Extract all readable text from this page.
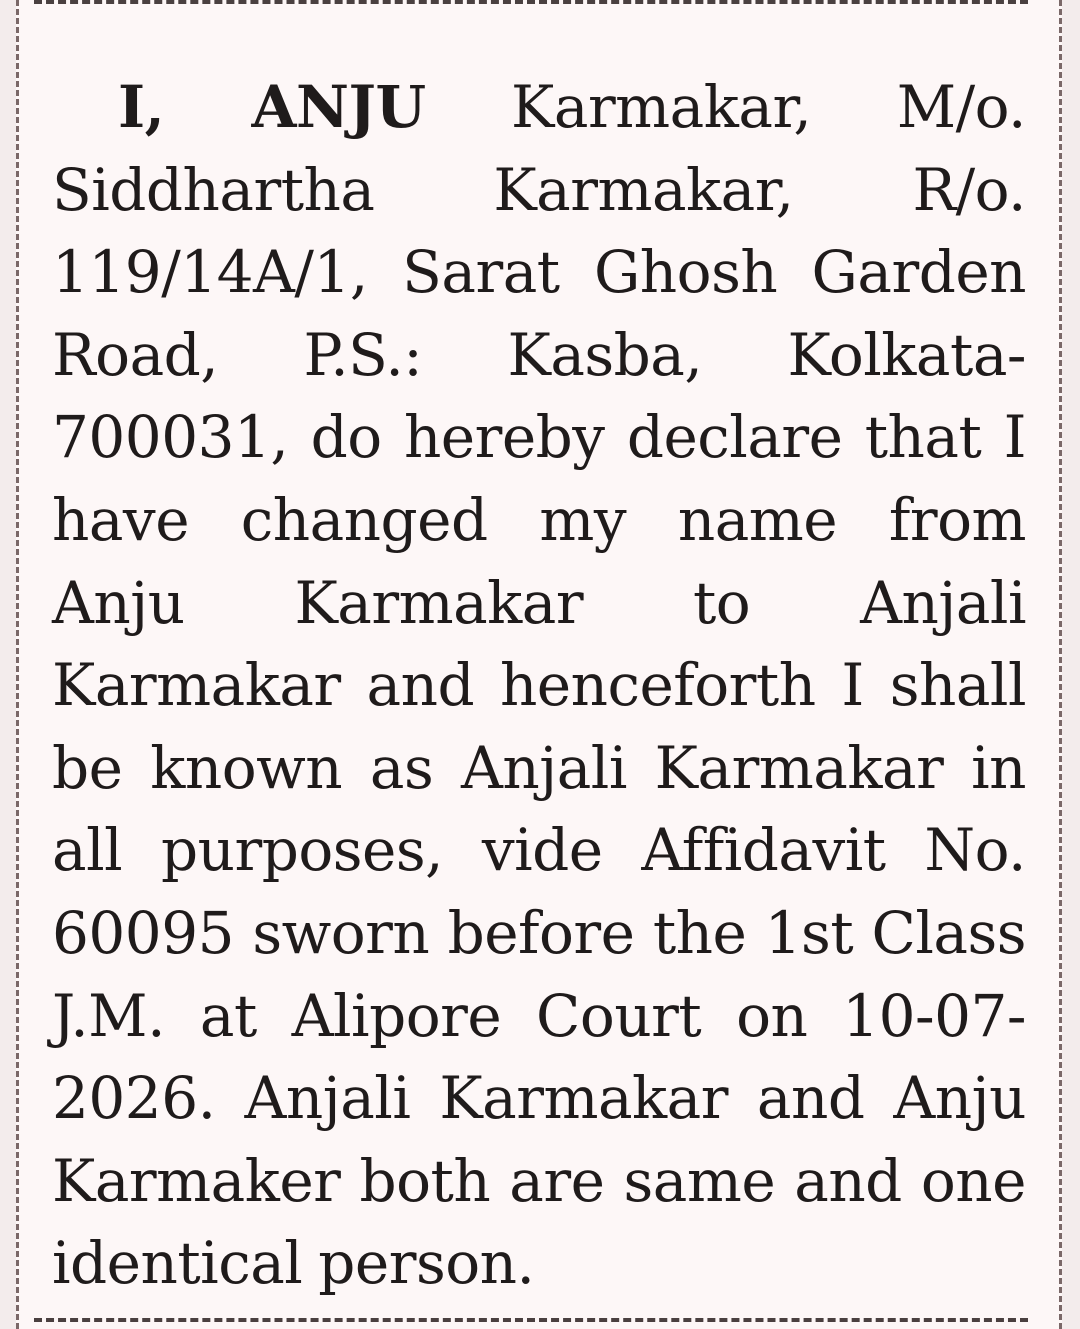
I, ANJU Karmakar, M/o. Siddhartha Karmakar, R/o. 119/14A/1, Sarat Ghosh Garden Road, P.S.: Kasba, Kolkata-700031, do hereby declare that I have changed my name from Anju Karmakar to Anjali Karmakar and henceforth I shall be known as Anjali Karmakar in all purposes, vide Affidavit No. 60095 sworn before the 1st Class J.M. at Alipore Court on 10-07-2026. Anjali Karmakar and Anju Karmaker both are same and one identical person.
